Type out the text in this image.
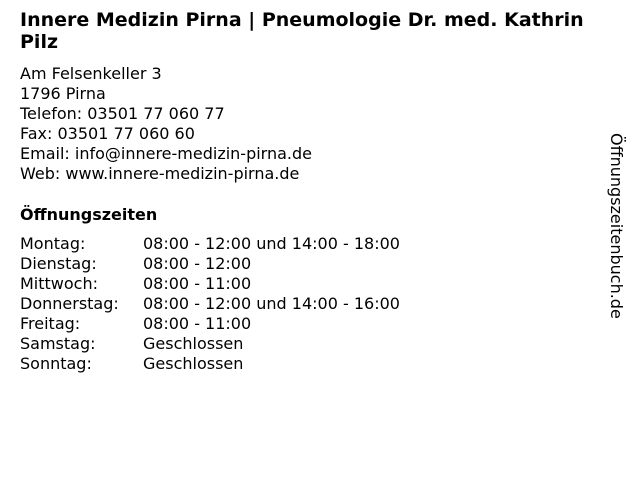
Innere Medizin Pirna | Pneumologie Dr. med. Kathrin Pilz
Am Felsenkeller 3
1796 Pirna
Telefon: 03501 77 060 77
Fax: 03501 77 060 60
Email: info@innere-medizin-pirna.de
Web: www.innere-medizin-pirna.de
Öffnungszeiten
Montag:	08:00 - 12:00 und 14:00 - 18:00
Dienstag:	08:00 - 12:00
Mittwoch:	08:00 - 11:00
Donnerstag: 08:00 - 12:00 und 14:00 - 16:00
Freitag:	08:00 - 11:00
Samstag:	Geschlossen
Sonntag:	Geschlossen
Öffnungszeitenbuch.de
